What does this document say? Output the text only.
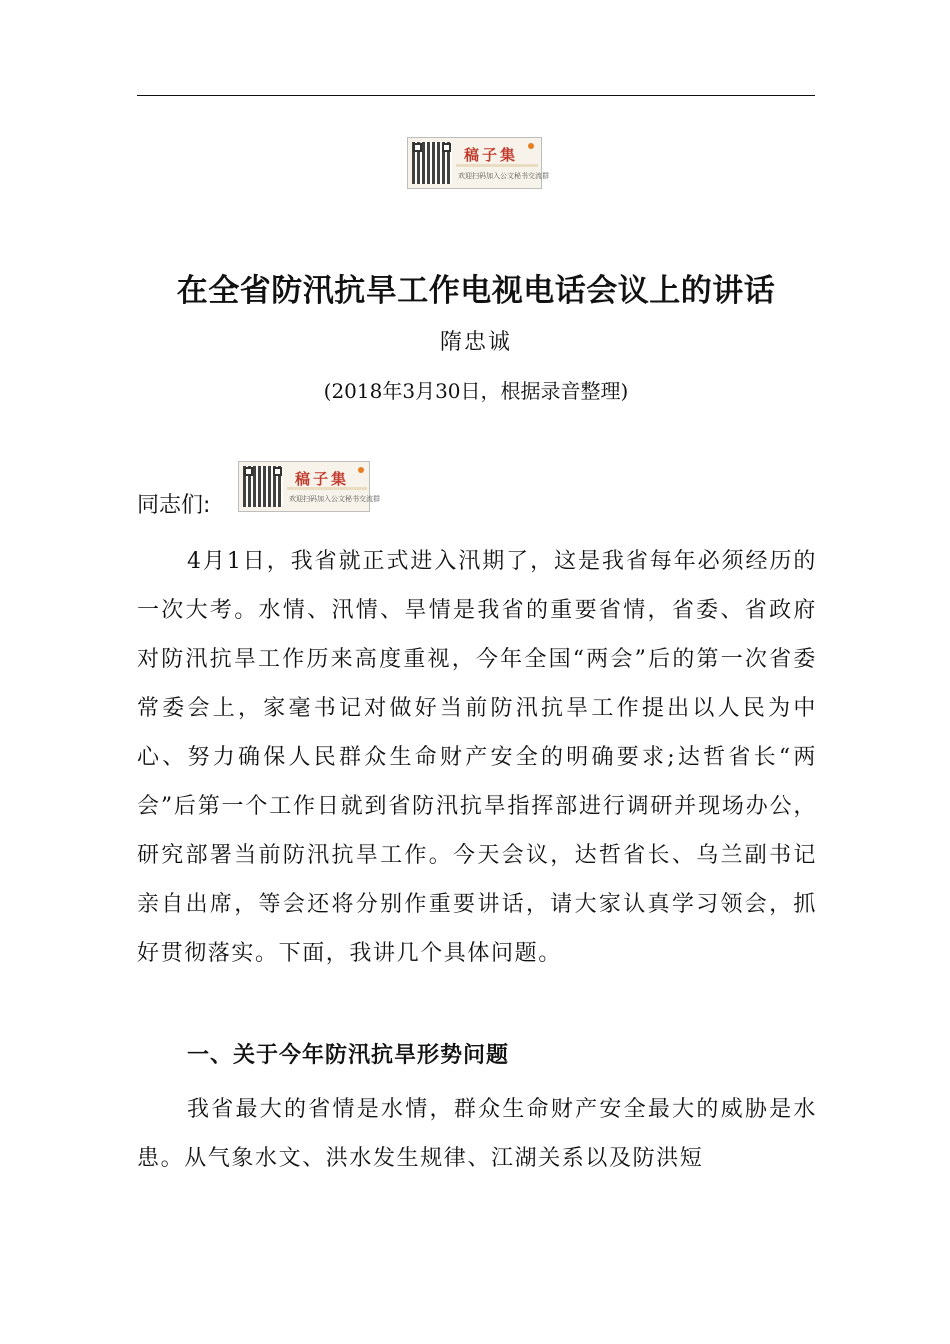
稿子集
欢迎扫码加入公文秘书交流群
在全省防汛抗旱工作电视电话会议上的讲话
隋忠诚
(2018年3月30日，根据录音整理)
同志们:
稿子集
欢迎扫码加入公文秘书交流群
4月1日，我省就正式进入汛期了，这是我省每年必须经历的一次大考。水情、汛情、旱情是我省的重要省情，省委、省政府对防汛抗旱工作历来高度重视，今年全国“两会”后的第一次省委常委会上，家毫书记对做好当前防汛抗旱工作提出以人民为中心、努力确保人民群众生命财产安全的明确要求;达哲省长“两会”后第一个工作日就到省防汛抗旱指挥部进行调研并现场办公，研究部署当前防汛抗旱工作。今天会议，达哲省长、乌兰副书记亲自出席，等会还将分别作重要讲话，请大家认真学习领会，抓好贯彻落实。下面，我讲几个具体问题。
一、关于今年防汛抗旱形势问题
我省最大的省情是水情，群众生命财产安全最大的威胁是水患。从气象水文、洪水发生规律、江湖关系以及防洪短
